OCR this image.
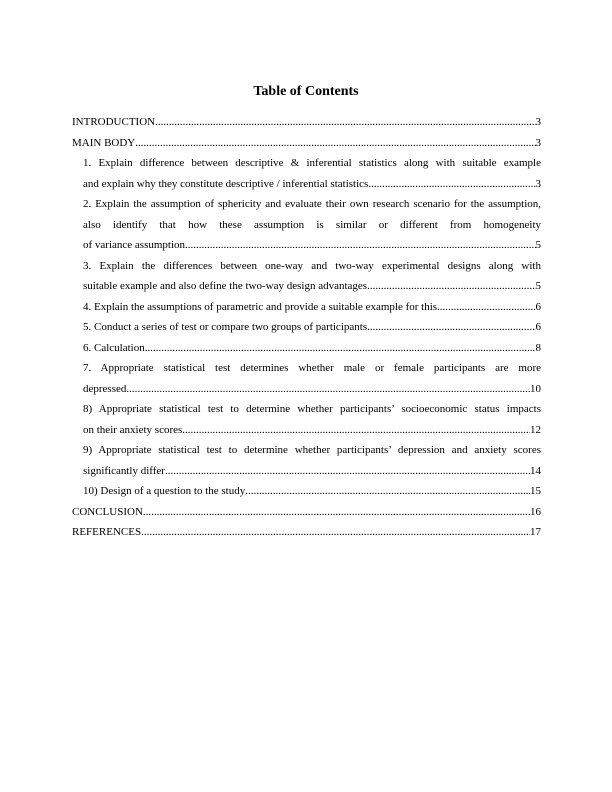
Table of Contents
INTRODUCTION .....	3
MAIN BODY .....	3
1. Explain difference between descriptive & inferential statistics along with suitable example
and explain why they constitute descriptive / inferential statistics .....	3
2. Explain the assumption of sphericity and evaluate their own research scenario for the assumption, also identify that how these assumption is similar or different from homogeneity
of variance assumption .....	5
3. Explain the differences between one-way and two-way experimental designs along with
suitable example and also define the two-way design advantages .....	5
4. Explain the assumptions of parametric and provide a suitable example for this .....	6
5. Conduct a series of test or compare two groups of participants .....	6
6. Calculation .....	8
7. Appropriate statistical test determines whether male or female participants are more
depressed .....	10
8) Appropriate statistical test to determine whether participants’ socioeconomic status impacts
on their anxiety scores .....	12
9) Appropriate statistical test to determine whether participants’ depression and anxiety scores
significantly differ .....	14
10) Design of a question to the study .....	15
CONCLUSION .....	16
REFERENCES .....	17
